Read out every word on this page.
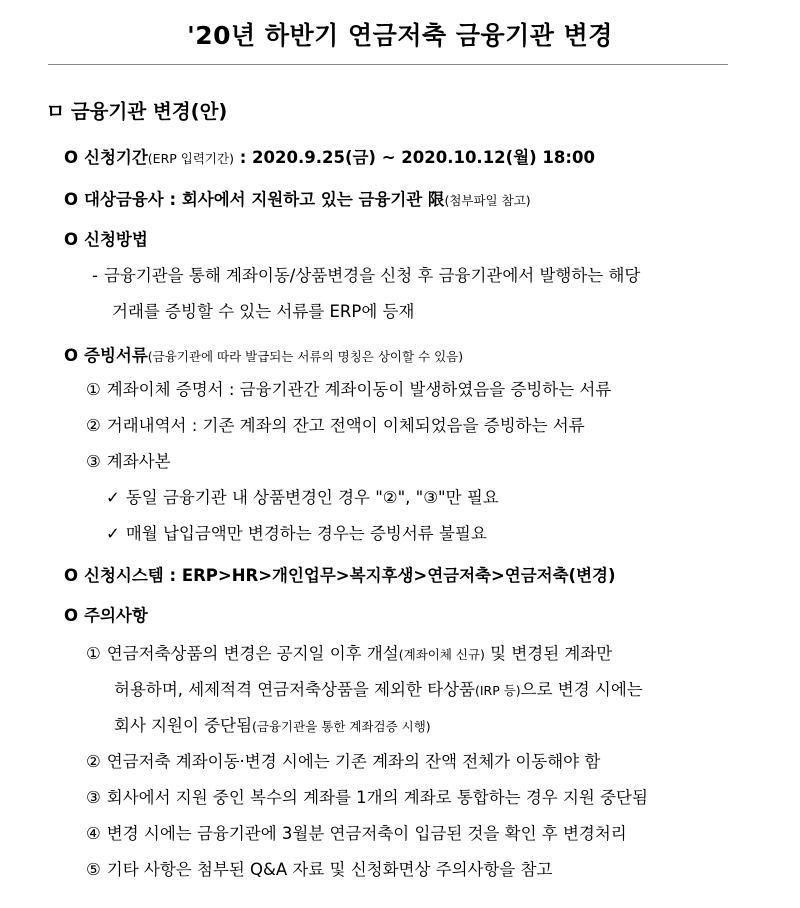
'20년 하반기 연금저축 금융기관 변경
ㅁ 금융기관 변경(안)
O 신청기간(ERP 입력기간) : 2020.9.25(금) ~ 2020.10.12(월) 18:00
O 대상금융사 : 회사에서 지원하고 있는 금융기관 限(첨부파일 참고)
O 신청방법
- 금융기관을 통해 계좌이동/상품변경을 신청 후 금융기관에서 발행하는 해당
거래를 증빙할 수 있는 서류를 ERP에 등재
O 증빙서류(금융기관에 따라 발급되는 서류의 명칭은 상이할 수 있음)
① 계좌이체 증명서 : 금융기관간 계좌이동이 발생하였음을 증빙하는 서류
② 거래내역서 : 기존 계좌의 잔고 전액이 이체되었음을 증빙하는 서류
③ 계좌사본
✓ 동일 금융기관 내 상품변경인 경우 "②", "③"만 필요
✓ 매월 납입금액만 변경하는 경우는 증빙서류 불필요
O 신청시스템 : ERP>HR>개인업무>복지후생>연금저축>연금저축(변경)
O 주의사항
① 연금저축상품의 변경은 공지일 이후 개설(계좌이체 신규) 및 변경된 계좌만
허용하며, 세제적격 연금저축상품을 제외한 타상품(IRP 등)으로 변경 시에는
회사 지원이 중단됨(금융기관을 통한 계좌검증 시행)
② 연금저축 계좌이동·변경 시에는 기존 계좌의 잔액 전체가 이동해야 함
③ 회사에서 지원 중인 복수의 계좌를 1개의 계좌로 통합하는 경우 지원 중단됨
④ 변경 시에는 금융기관에 3월분 연금저축이 입금된 것을 확인 후 변경처리
⑤ 기타 사항은 첨부된 Q&A 자료 및 신청화면상 주의사항을 참고
